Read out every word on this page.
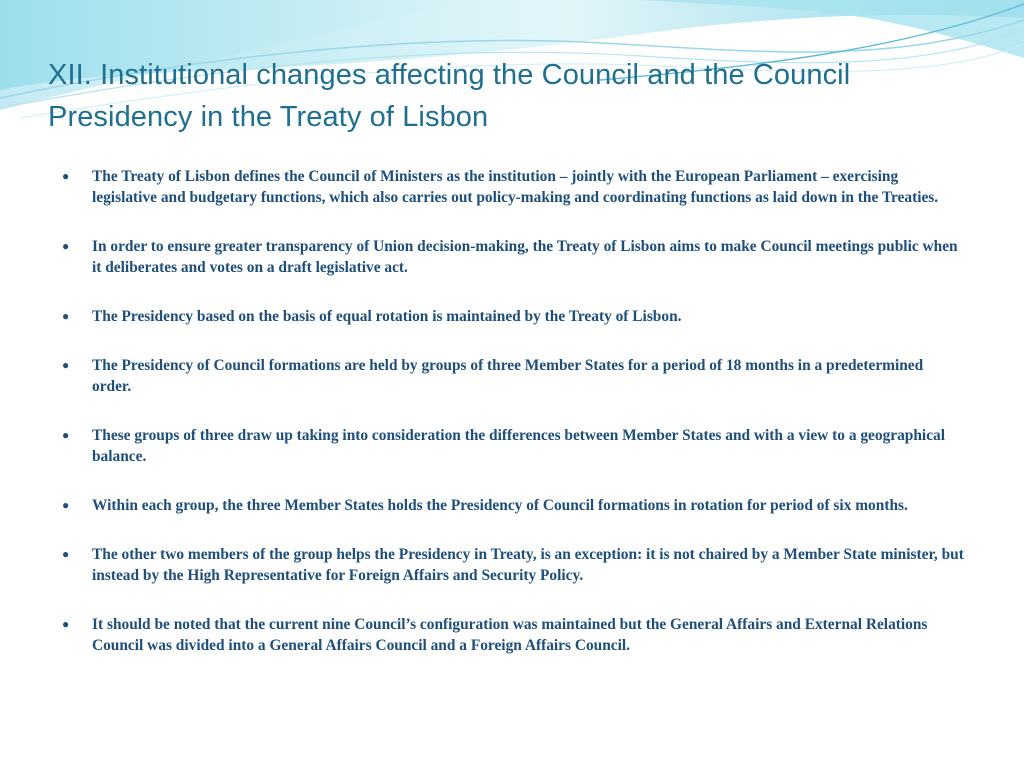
XII. Institutional changes affecting the Council and the Council Presidency in the Treaty of Lisbon
● The Treaty of Lisbon defines the Council of Ministers as the institution – jointly with the European Parliament – exercising legislative and budgetary functions, which also carries out policy-making and coordinating functions as laid down in the Treaties.
● In order to ensure greater transparency of Union decision-making, the Treaty of Lisbon aims to make Council meetings public when it deliberates and votes on a draft legislative act.
● The Presidency based on the basis of equal rotation is maintained by the Treaty of Lisbon.
● The Presidency of Council formations are held by groups of three Member States for a period of 18 months in a predetermined order.
● These groups of three draw up taking into consideration the differences between Member States and with a view to a geographical balance.
● Within each group, the three Member States holds the Presidency of Council formations in rotation for period of six months.
● The other two members of the group helps the Presidency in Treaty, is an exception: it is not chaired by a Member State minister, but instead by the High Representative for Foreign Affairs and Security Policy.
● It should be noted that the current nine Council’s configuration was maintained but the General Affairs and External Relations Council was divided into a General Affairs Council and a Foreign Affairs Council.
